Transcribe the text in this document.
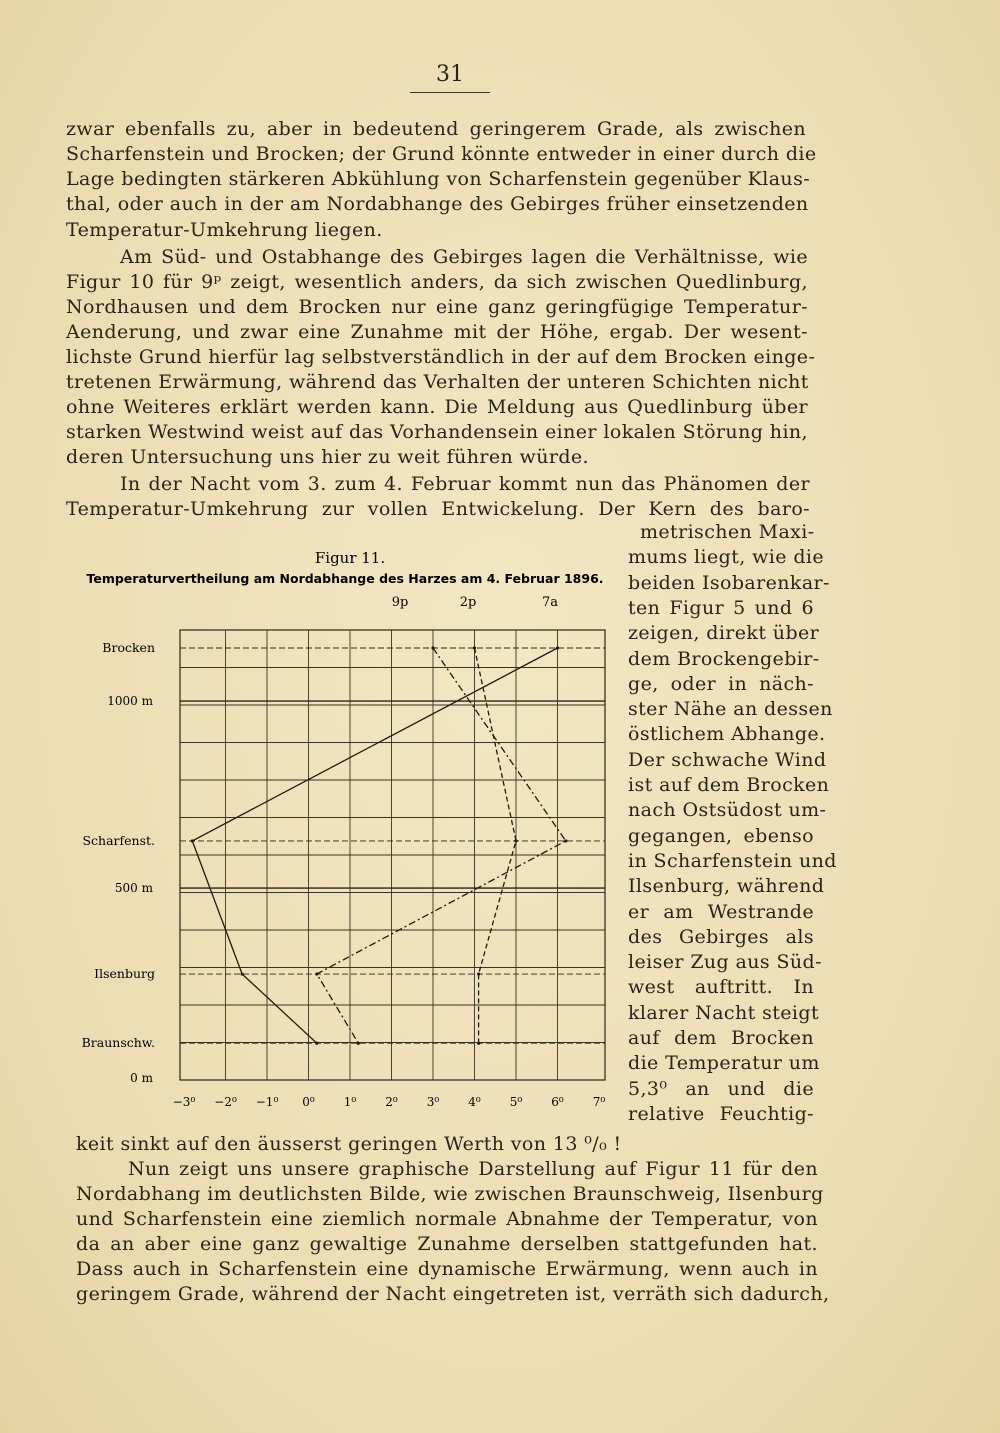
31

zwar ebenfalls zu, aber in bedeutend geringerem Grade, als zwischen

Scharfenstein und Brocken; der Grund könnte entweder in einer durch die

Lage bedingten stärkeren Abkühlung von Scharfenstein gegenüber Klaus-

thal, oder auch in der am Nordabhange des Gebirges früher einsetzenden

Temperatur-Umkehrung liegen.

Am Süd- und Ostabhange des Gebirges lagen die Verhältnisse, wie

Figur 10 für 9ᵖ zeigt, wesentlich anders, da sich zwischen Quedlinburg,

Nordhausen und dem Brocken nur eine ganz geringfügige Temperatur-

Aenderung, und zwar eine Zunahme mit der Höhe, ergab. Der wesent-

lichste Grund hierfür lag selbstverständlich in der auf dem Brocken einge-

tretenen Erwärmung, während das Verhalten der unteren Schichten nicht

ohne Weiteres erklärt werden kann. Die Meldung aus Quedlinburg über

starken Westwind weist auf das Vorhandensein einer lokalen Störung hin,

deren Untersuchung uns hier zu weit führen würde.

In der Nacht vom 3. zum 4. Februar kommt nun das Phänomen der

Temperatur-Umkehrung zur vollen Entwickelung. Der Kern des baro-

metrischen Maxi-

mums liegt, wie die

beiden Isobarenkar-

ten Figur 5 und 6

zeigen, direkt über

dem Brockengebir-

ge, oder in näch-

ster Nähe an dessen

östlichem Abhange.

Der schwache Wind

ist auf dem Brocken

nach Ostsüdost um-

gegangen, ebenso

in Scharfenstein und

Ilsenburg, während

er am Westrande

des Gebirges als

leiser Zug aus Süd-

west auftritt. In

klarer Nacht steigt

auf dem Brocken

die Temperatur um

5,3⁰ an und die

relative Feuchtig-

keit sinkt auf den äusserst geringen Werth von 13 ⁰/₀ !

Nun zeigt uns unsere graphische Darstellung auf Figur 11 für den

Nordabhang im deutlichsten Bilde, wie zwischen Braunschweig, Ilsenburg

und Scharfenstein eine ziemlich normale Abnahme der Temperatur, von

da an aber eine ganz gewaltige Zunahme derselben stattgefunden hat.

Dass auch in Scharfenstein eine dynamische Erwärmung, wenn auch in

geringem Grade, während der Nacht eingetreten ist, verräth sich dadurch,

Figur 11.
Temperaturvertheilung am Nordabhange des Harzes am 4. Februar 1896.
9p	2p	7a
Brocken
1000 m
Scharfenst.
500 m
Ilsenburg
Braunschw.
0 m
−3⁰ −2⁰ −1⁰ 0⁰ 1⁰ 2⁰ 3⁰ 4⁰ 5⁰ 6⁰ 7⁰
